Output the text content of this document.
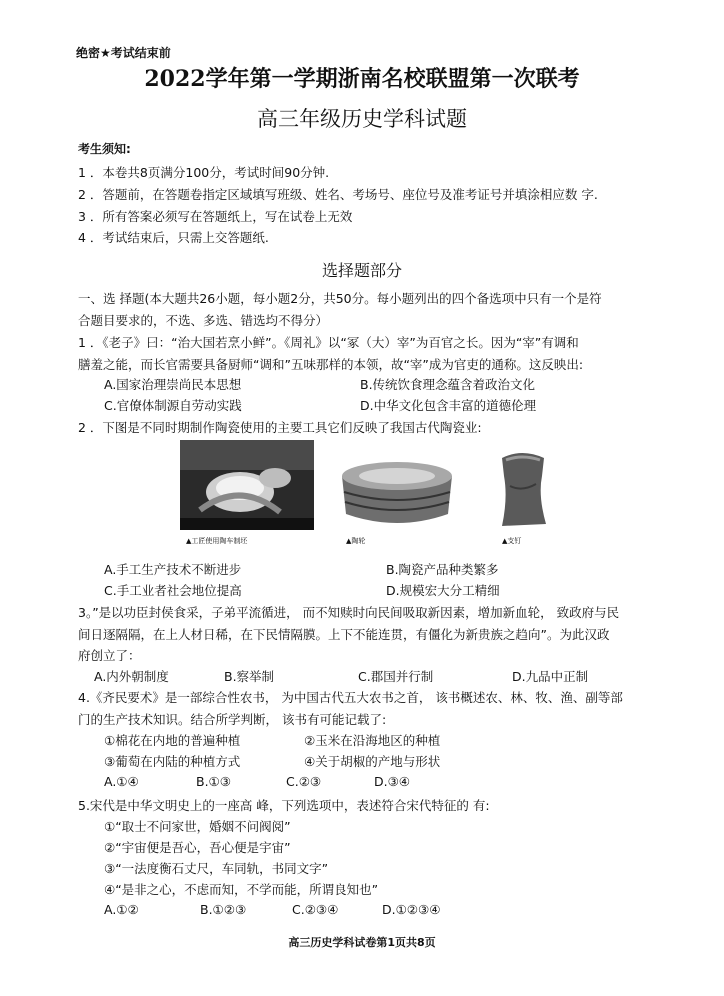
绝密★考试结束前
2022学年第一学期浙南名校联盟第一次联考
高三年级历史学科试题
考生须知:
1 ．本卷共8页满分100分，考试时间90分钟.
2 ．答题前，在答题卷指定区域填写班级、姓名、考场号、座位号及准考证号并填涂相应数 字.
3 ．所有答案必须写在答题纸上，写在试卷上无效
4 ．考试结束后，只需上交答题纸.
选择题部分
一、选 择题(本大题共26小题，每小题2分，共50分。每小题列出的四个备选项中只有一个是符
合题目要求的，不选、多选、错选均不得分）
1 ．《老子》曰：“治大国若烹小鲜”。《周礼》以“冢（大）宰”为百官之长。因为“宰”有调和
膳羞之能，而长官需要具备厨师“调和”五味那样的本领，故“宰”成为官吏的通称。这反映出:
A.国家治理崇尚民本思想	B.传统饮食理念蕴含着政治文化
C.官僚体制源自劳动实践	D.中华文化包含丰富的道德伦理
2 ．下图是不同时期制作陶瓷使用的主要工具它们反映了我国古代陶瓷业:
▲工匠使用陶车制坯	▲陶轮	▲支钉
A.手工生产技术不断进步	B.陶瓷产品种类繁多
C.手工业者社会地位提高	D.规模宏大分工精细
3。”是以功臣封侯食采，子弟平流循进， 而不知赎时向民间吸取新因素，增加新血轮， 致政府与民
间日逐隔隔，在上人材日稀，在下民情隔膜。上下不能连贯，有僵化为新贵族之趋向”。为此汉政
府创立了：
A.内外朝制度	B.察举制	C.郡国并行制	D.九品中正制
4.《齐民要术》是一部综合性农书， 为中国古代五大农书之首， 该书概述农、林、牧、渔、副等部
门的生产技术知识。结合所学判断， 该书有可能记载了:
①棉花在内地的普遍种植	②玉米在沿海地区的种植
③葡萄在内陆的种植方式	④关于胡椒的产地与形状
A.①④	B.①③	C.②③	D.③④
5.宋代是中华文明史上的一座高 峰，下列选项中，表述符合宋代特征的 有:
①“取士不问家世，婚姻不问阀阅”
②“宇宙便是吾心，吾心便是宇宙”
③“一法度衡石丈尺，车同轨，书同文字”
④“是非之心，不虑而知，不学而能，所谓良知也”
A.①②	B.①②③	C.②③④	D.①②③④
高三历史学科试卷第1页共8页
